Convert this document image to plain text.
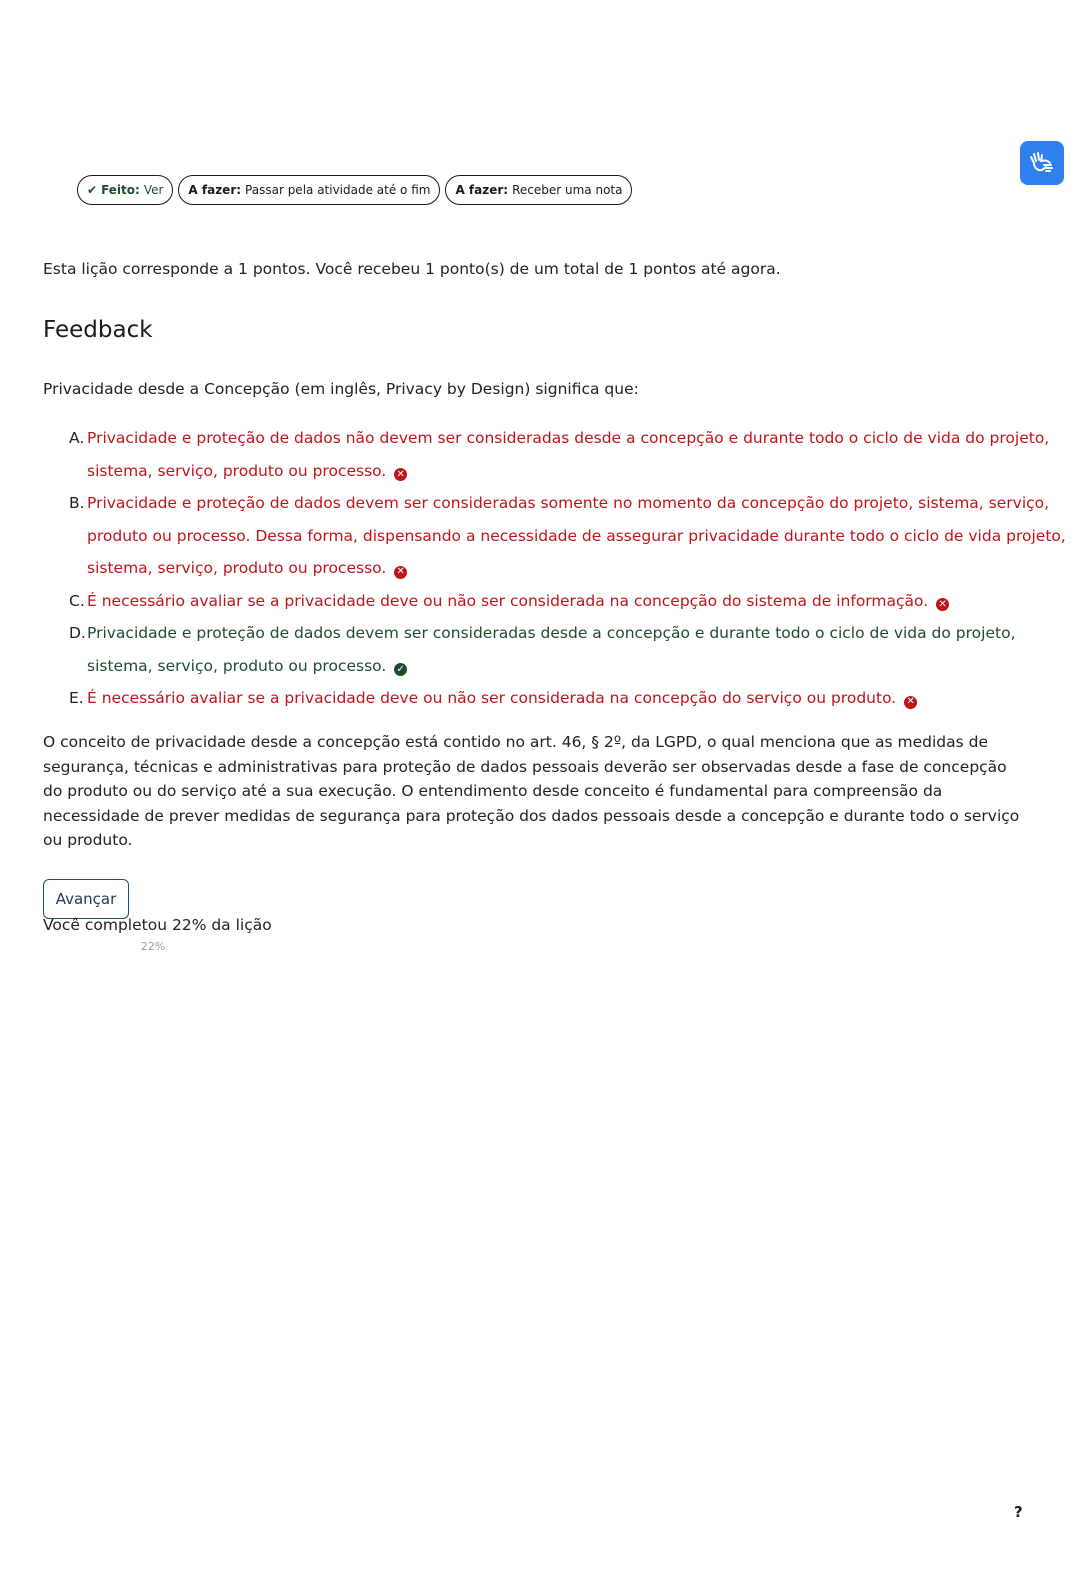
✔ Feito: Ver A fazer: Passar pela atividade até o fim A fazer: Receber uma nota
Esta lição corresponde a 1 pontos. Você recebeu 1 ponto(s) de um total de 1 pontos até agora.
Feedback
Privacidade desde a Concepção (em inglês, Privacy by Design) significa que:
A. Privacidade e proteção de dados não devem ser consideradas desde a concepção e durante todo o ciclo de vida do projeto, sistema, serviço, produto ou processo. ✕
B. Privacidade e proteção de dados devem ser consideradas somente no momento da concepção do projeto, sistema, serviço, produto ou processo. Dessa forma, dispensando a necessidade de assegurar privacidade durante todo o ciclo de vida projeto, sistema, serviço, produto ou processo. ✕
C. É necessário avaliar se a privacidade deve ou não ser considerada na concepção do sistema de informação. ✕
D. Privacidade e proteção de dados devem ser consideradas desde a concepção e durante todo o ciclo de vida do projeto, sistema, serviço, produto ou processo. ✓
E. É necessário avaliar se a privacidade deve ou não ser considerada na concepção do serviço ou produto. ✕

O conceito de privacidade desde a concepção está contido no art. 46, § 2º, da LGPD, o qual menciona que as medidas de segurança, técnicas e administrativas para proteção de dados pessoais deverão ser observadas desde a fase de concepção do produto ou do serviço até a sua execução. O entendimento desde conceito é fundamental para compreensão da necessidade de prever medidas de segurança para proteção dos dados pessoais desde a concepção e durante todo o serviço ou produto.

Avançar
Você completou 22% da lição
22%
?
